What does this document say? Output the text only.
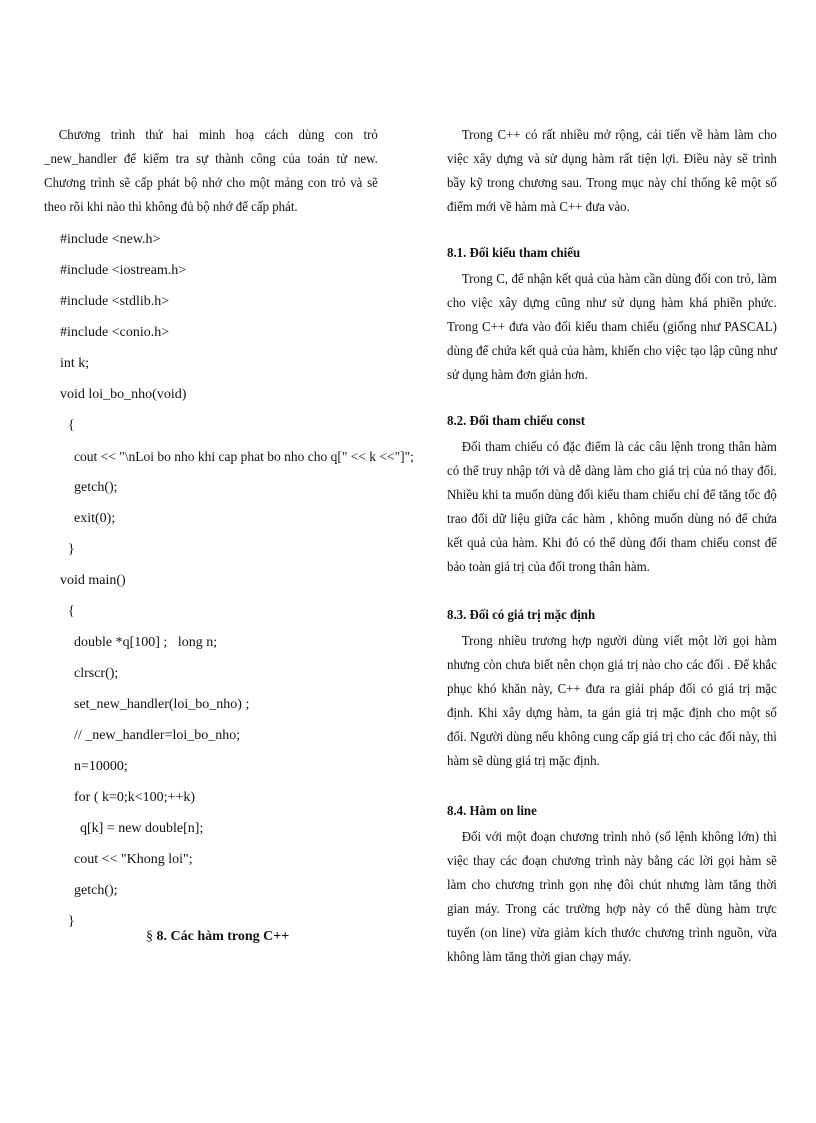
Chương trình thứ hai minh hoạ cách dùng con trỏ _new_handler để kiểm tra sự thành công của toán tử new. Chương trình sẽ cấp phát bộ nhớ cho một mảng con trỏ và sẽ theo rõi khi nào thì không đủ bộ nhớ để cấp phát.

#include <new.h>
#include <iostream.h>
#include <stdlib.h>
#include <conio.h>
int k;
void loi_bo_nho(void)
{
cout << "\nLoi bo nho khi cap phat bo nho cho q[" << k <<"]";
getch();
exit(0);
}
void main()
{
double *q[100] ;   long n;
clrscr();
set_new_handler(loi_bo_nho) ;
// _new_handler=loi_bo_nho;
n=10000;
for ( k=0;k<100;++k)
q[k] = new double[n];
cout << "Khong loi";
getch();
}
§ 8. Các hàm trong C++

Trong C++ có rất nhiều mở rộng, cải tiến về hàm làm cho việc xây dựng và sử dụng hàm rất tiện lợi. Điều này sẽ trình bầy kỹ trong chương sau. Trong mục này chỉ thống kê một số điểm mới về hàm mà C++ đưa vào.

8.1. Đối kiểu tham chiếu

Trong C, để nhận kết quả của hàm cần dùng đối con trỏ, làm cho việc xây dựng cũng như sử dụng hàm khá phiền phức. Trong C++ đưa vào đối kiểu tham chiếu (giống như PASCAL) dùng để chứa kết quả của hàm, khiến cho việc tạo lập cũng như sử dụng hàm đơn giản hơn.

8.2. Đối tham chiếu const

Đối tham chiếu có đặc điểm là các câu lệnh trong thân hàm có thể truy nhập tới và dễ dàng làm cho giá trị của nó thay đổi. Nhiều khi ta muốn dùng đối kiểu tham chiếu chỉ để tăng tốc độ trao đổi dữ liệu giữa các hàm , không muốn dùng nó để chứa kết quả của hàm. Khi đó có thể dùng đối tham chiếu const để bảo toàn giá trị của đối trong thân hàm.

8.3. Đối có giá trị mặc định

Trong nhiều trương hợp người dùng viết một lời gọi hàm nhưng còn chưa biết nên chọn giá trị nào cho các đối . Để khắc phục khó khăn này, C++ đưa ra giải pháp đối có giá trị mặc định. Khi xây dựng hàm, ta gán giá trị mặc định cho một số đối. Người dùng nếu không cung cấp giá trị cho các đối này, thì hàm sẽ dùng giá trị mặc định.

8.4. Hàm on line

Đối với một đoạn chương trình nhỏ (số lệnh không lớn) thì việc thay các đoạn chương trình này bằng các lời gọi hàm sẽ làm cho chương trình gọn nhẹ đôi chút nhưng làm tăng thời gian máy. Trong các trường hợp này có thể dùng hàm trực tuyến (on line) vừa giảm kích thước chương trình nguồn, vừa không làm tăng thời gian chạy máy.
